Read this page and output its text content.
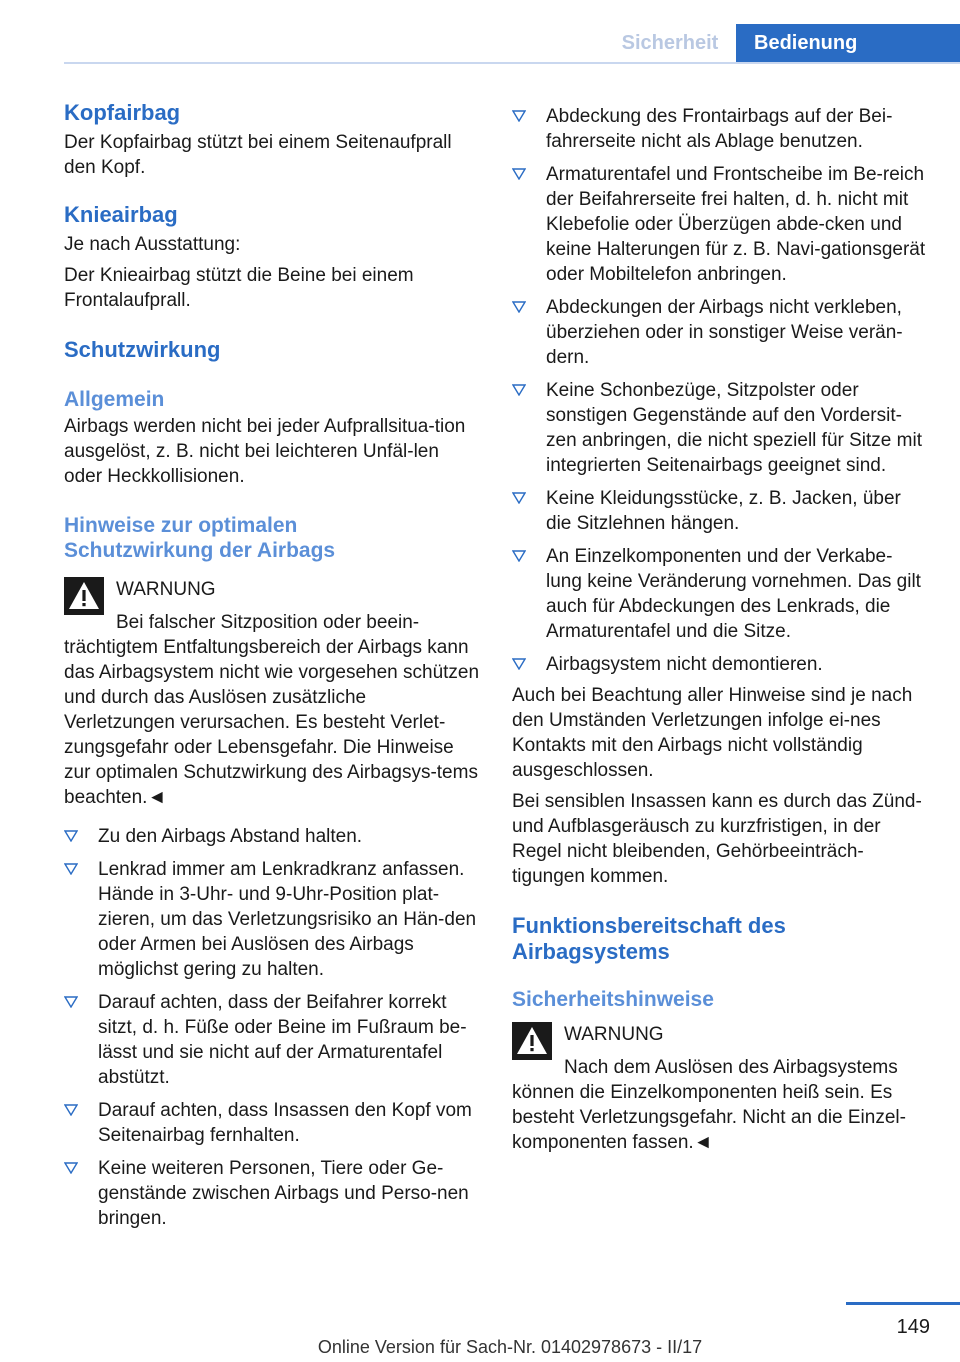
Sicherheit	Bedienung
Kopfairbag

Der Kopfairbag stützt bei einem Seitenaufprall den Kopf.

Knieairbag

Je nach Ausstattung:

Der Knieairbag stützt die Beine bei einem Frontalaufprall.

Schutzwirkung
Allgemein

Airbags werden nicht bei jeder Aufprallsitua‐tion ausgelöst, z. B. nicht bei leichteren Unfäl‐len oder Heckkollisionen.

Hinweise zur optimalen
Schutzwirkung der Airbags
WARNUNG

Bei falscher Sitzposition oder beein‐trächtigtem Entfaltungsbereich der Airbags kann das Airbagsystem nicht wie vorgesehen schützen und durch das Auslösen zusätzliche Verletzungen verursachen. Es besteht Verlet‐zungsgefahr oder Lebensgefahr. Die Hinweise zur optimalen Schutzwirkung des Airbagsys‐tems beachten.◄

Zu den Airbags Abstand halten.
Lenkrad immer am Lenkradkranz anfassen. Hände in 3-Uhr- und 9-Uhr-Position plat‐zieren, um das Verletzungsrisiko an Hän‐den oder Armen bei Auslösen des Airbags möglichst gering zu halten.
Darauf achten, dass der Beifahrer korrekt sitzt, d. h. Füße oder Beine im Fußraum be‐lässt und sie nicht auf der Armaturentafel abstützt.
Darauf achten, dass Insassen den Kopf vom Seitenairbag fernhalten.
Keine weiteren Personen, Tiere oder Ge‐genstände zwischen Airbags und Perso‐nen bringen.
Abdeckung des Frontairbags auf der Bei‐fahrerseite nicht als Ablage benutzen.
Armaturentafel und Frontscheibe im Be‐reich der Beifahrerseite frei halten, d. h. nicht mit Klebefolie oder Überzügen abde‐cken und keine Halterungen für z. B. Navi‐gationsgerät oder Mobiltelefon anbringen.
Abdeckungen der Airbags nicht verkleben, überziehen oder in sonstiger Weise verän‐dern.
Keine Schonbezüge, Sitzpolster oder sonstigen Gegenstände auf den Vordersit‐zen anbringen, die nicht speziell für Sitze mit integrierten Seitenairbags geeignet sind.
Keine Kleidungsstücke, z. B. Jacken, über die Sitzlehnen hängen.
An Einzelkomponenten und der Verkabe‐lung keine Veränderung vornehmen. Das gilt auch für Abdeckungen des Lenkrads, die Armaturentafel und die Sitze.
Airbagsystem nicht demontieren.

Auch bei Beachtung aller Hinweise sind je nach den Umständen Verletzungen infolge ei‐nes Kontakts mit den Airbags nicht vollständig ausgeschlossen.

Bei sensiblen Insassen kann es durch das Zünd- und Aufblasgeräusch zu kurzfristigen, in der Regel nicht bleibenden, Gehörbeeinträch‐tigungen kommen.

Funktionsbereitschaft des
Airbagsystems
Sicherheitshinweise
WARNUNG

Nach dem Auslösen des Airbagsystems können die Einzelkomponenten heiß sein. Es besteht Verletzungsgefahr. Nicht an die Einzel‐komponenten fassen.◄

149
Online Version für Sach-Nr. 01402978673 - II/17
